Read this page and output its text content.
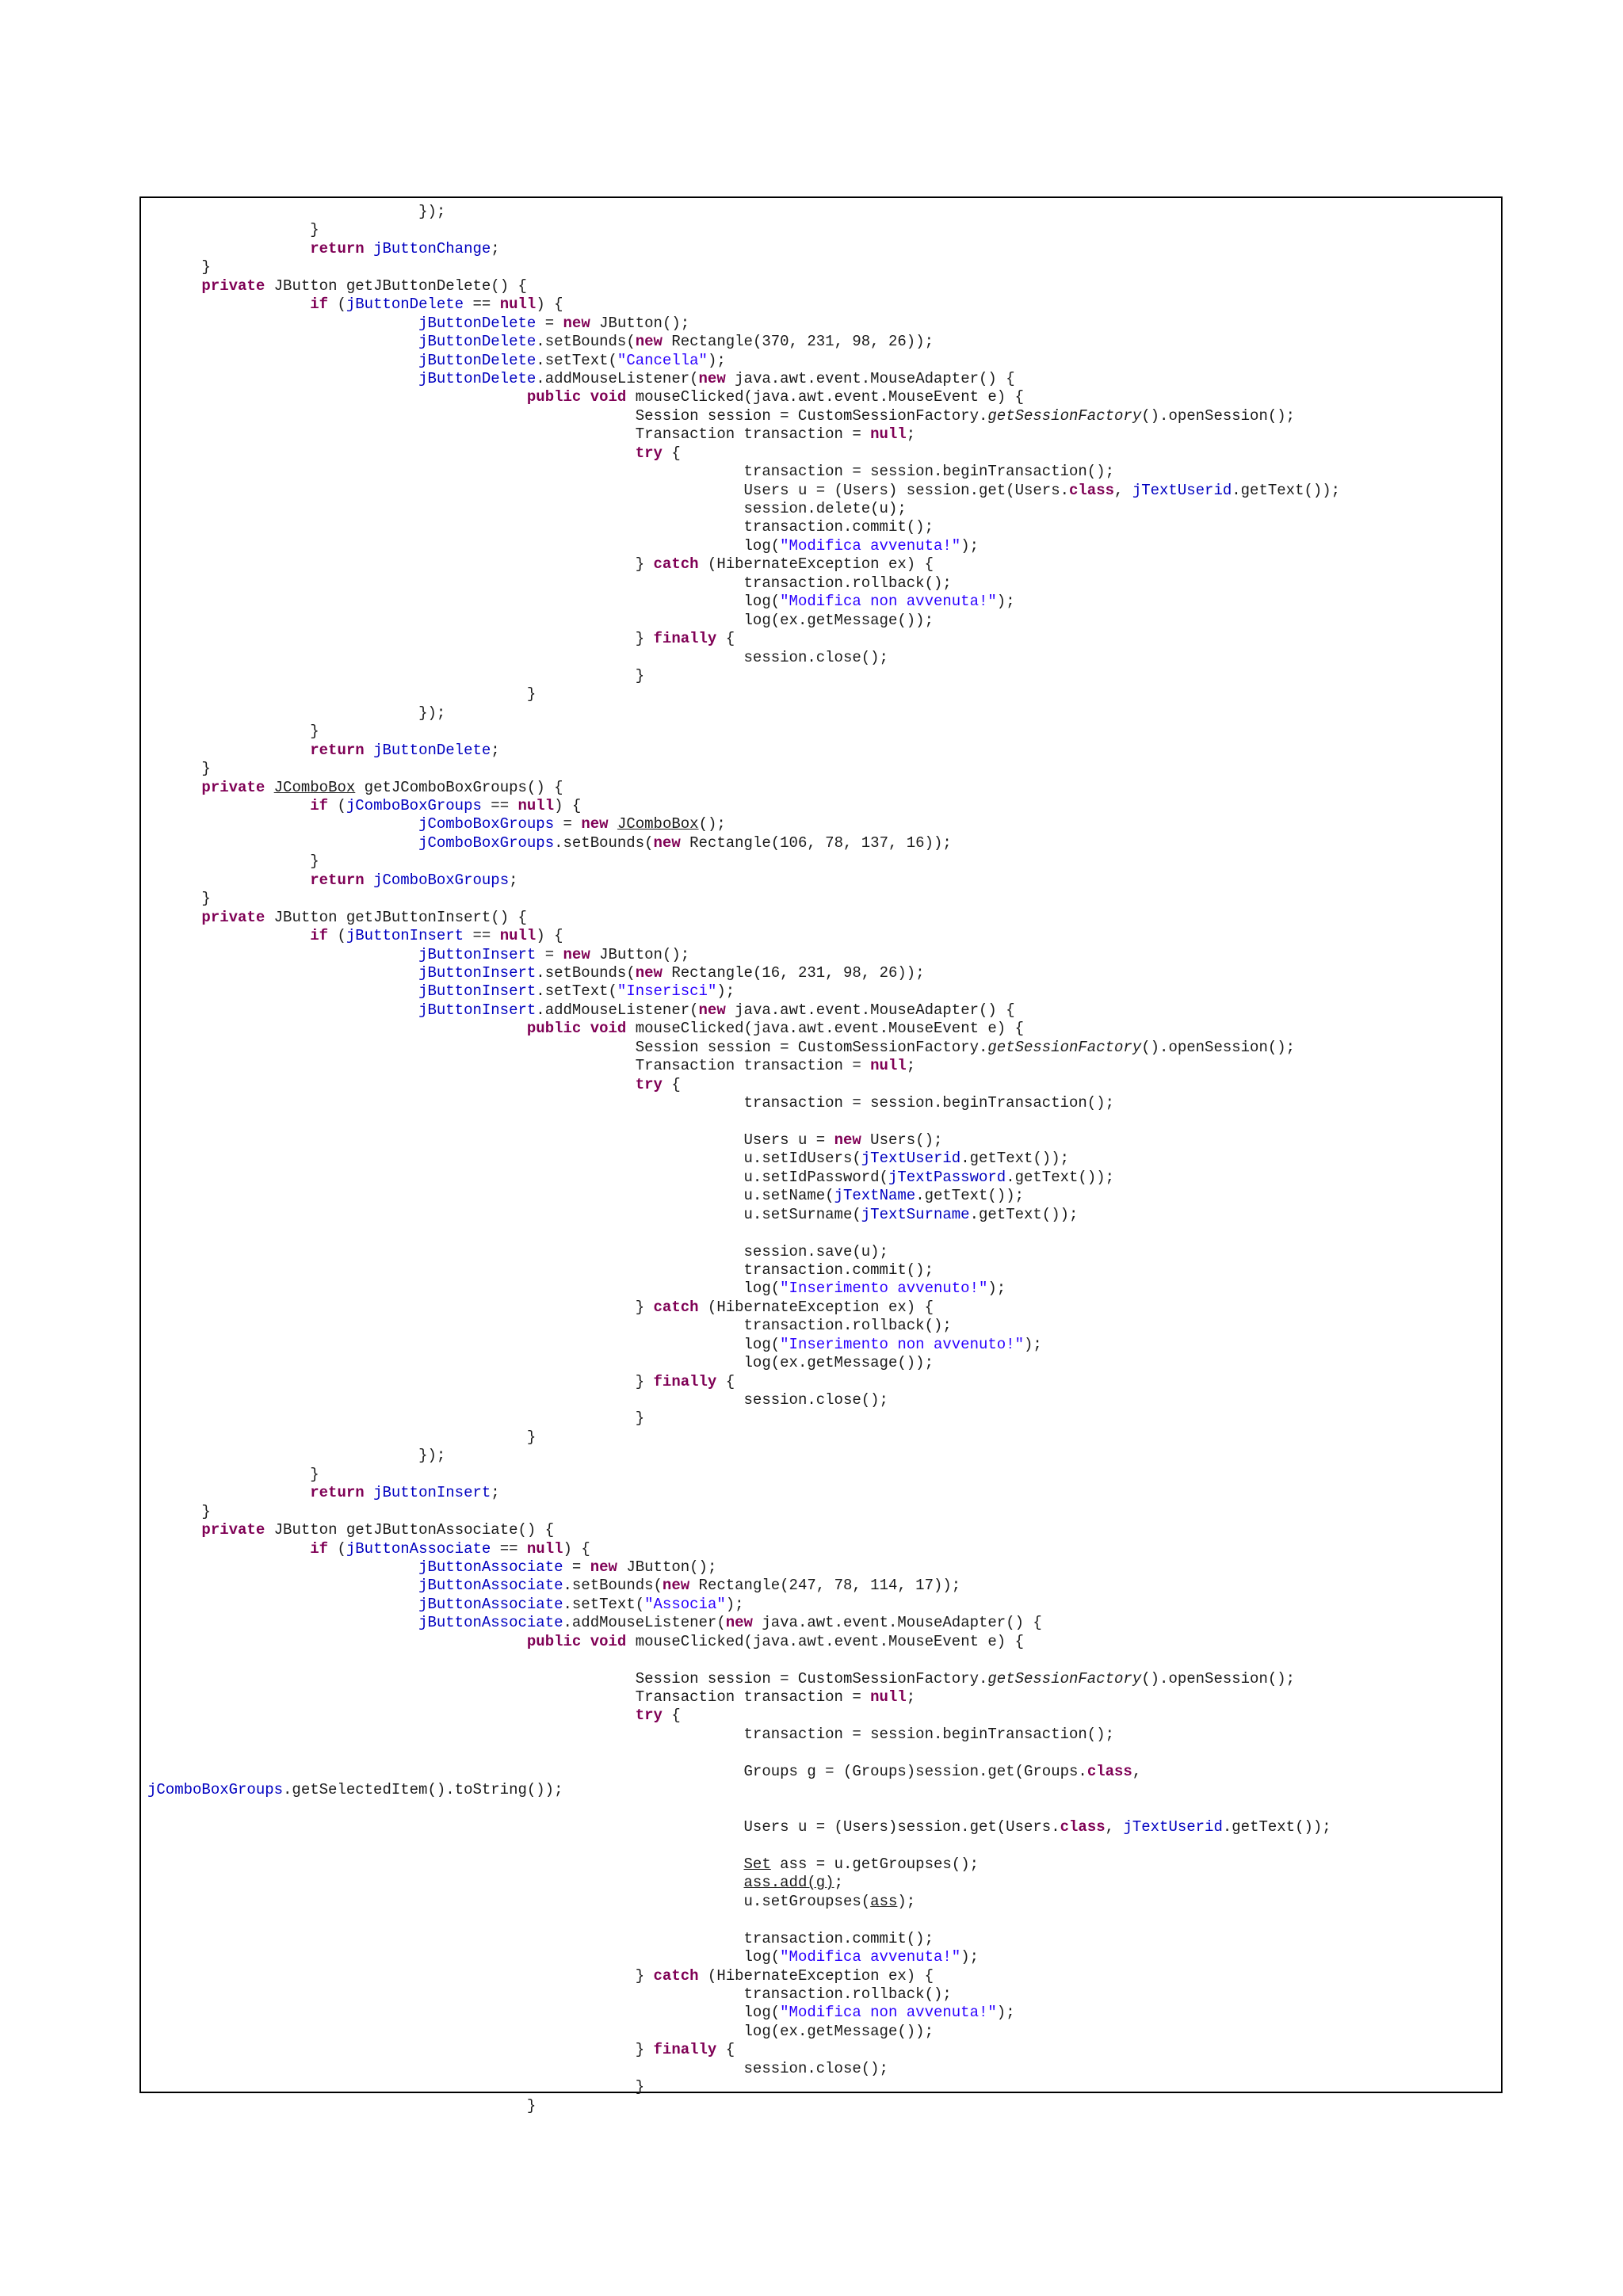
});
}
return jButtonChange;
}
private JButton getJButtonDelete() {
if (jButtonDelete == null) {
jButtonDelete = new JButton();
jButtonDelete.setBounds(new Rectangle(370, 231, 98, 26));
jButtonDelete.setText("Cancella");
jButtonDelete.addMouseListener(new java.awt.event.MouseAdapter() {
public void mouseClicked(java.awt.event.MouseEvent e) {
Session session = CustomSessionFactory.getSessionFactory().openSession();
Transaction transaction = null;
try {
transaction = session.beginTransaction();
Users u = (Users) session.get(Users.class, jTextUserid.getText());
session.delete(u);
transaction.commit();
log("Modifica avvenuta!");
} catch (HibernateException ex) {
transaction.rollback();
log("Modifica non avvenuta!");
log(ex.getMessage());
} finally {
session.close();
}
}
});
}
return jButtonDelete;
}
private JComboBox getJComboBoxGroups() {
if (jComboBoxGroups == null) {
jComboBoxGroups = new JComboBox();
jComboBoxGroups.setBounds(new Rectangle(106, 78, 137, 16));
}
return jComboBoxGroups;
}
private JButton getJButtonInsert() {
if (jButtonInsert == null) {
jButtonInsert = new JButton();
jButtonInsert.setBounds(new Rectangle(16, 231, 98, 26));
jButtonInsert.setText("Inserisci");
jButtonInsert.addMouseListener(new java.awt.event.MouseAdapter() {
public void mouseClicked(java.awt.event.MouseEvent e) {
Session session = CustomSessionFactory.getSessionFactory().openSession();
Transaction transaction = null;
try {
transaction = session.beginTransaction();

Users u = new Users();
u.setIdUsers(jTextUserid.getText());
u.setIdPassword(jTextPassword.getText());
u.setName(jTextName.getText());
u.setSurname(jTextSurname.getText());

session.save(u);
transaction.commit();
log("Inserimento avvenuto!");
} catch (HibernateException ex) {
transaction.rollback();
log("Inserimento non avvenuto!");
log(ex.getMessage());
} finally {
session.close();
}
}
});
}
return jButtonInsert;
}
private JButton getJButtonAssociate() {
if (jButtonAssociate == null) {
jButtonAssociate = new JButton();
jButtonAssociate.setBounds(new Rectangle(247, 78, 114, 17));
jButtonAssociate.setText("Associa");
jButtonAssociate.addMouseListener(new java.awt.event.MouseAdapter() {
public void mouseClicked(java.awt.event.MouseEvent e) {

Session session = CustomSessionFactory.getSessionFactory().openSession();
Transaction transaction = null;
try {
transaction = session.beginTransaction();

Groups g = (Groups)session.get(Groups.class,
jComboBoxGroups.getSelectedItem().toString());

Users u = (Users)session.get(Users.class, jTextUserid.getText());

Set ass = u.getGroupses();
ass.add(g);
u.setGroupses(ass);

transaction.commit();
log("Modifica avvenuta!");
} catch (HibernateException ex) {
transaction.rollback();
log("Modifica non avvenuta!");
log(ex.getMessage());
} finally {
session.close();
}
}
